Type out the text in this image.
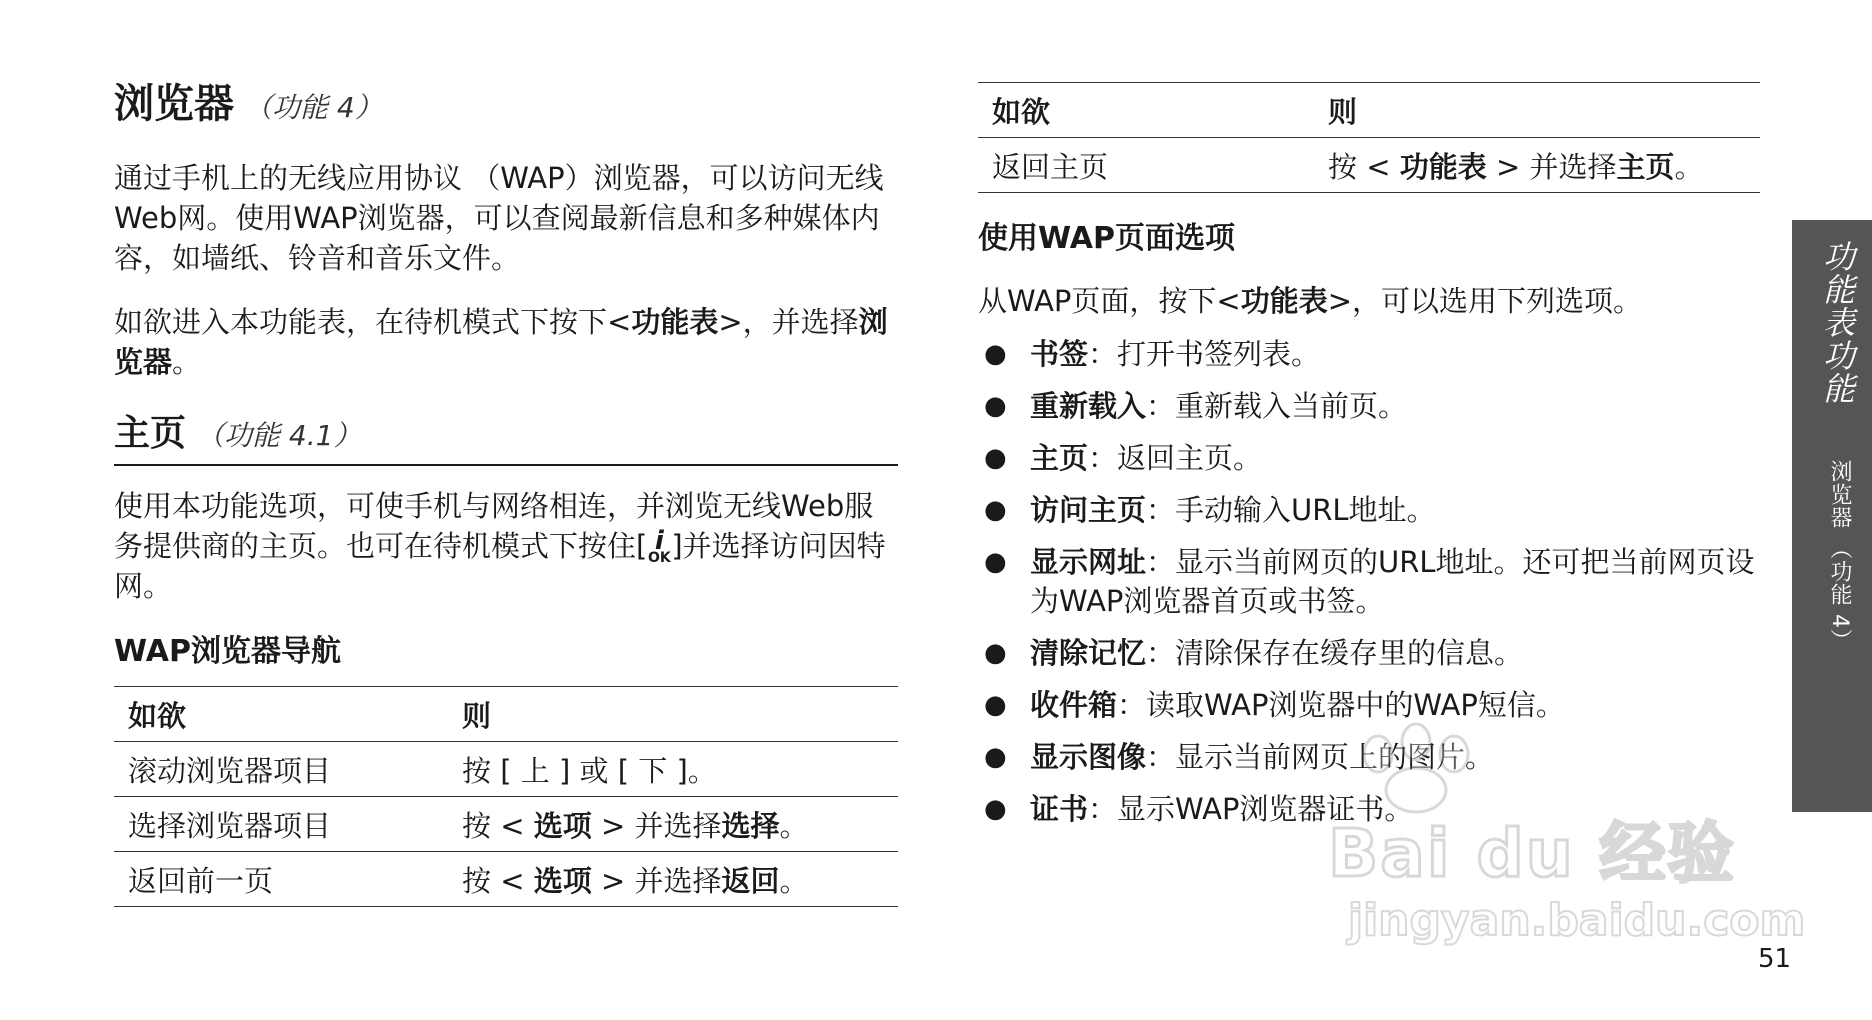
浏览器 （功能 4）

通过手机上的无线应用协议 （WAP）浏览器，可以访问无线Web网。使用WAP浏览器，可以查阅最新信息和多种媒体内容，如墙纸、铃音和音乐文件。

如欲进入本功能表，在待机模式下按下<功能表>，并选择浏览器。

主页 （功能 4.1）

使用本功能选项，可使手机与网络相连，并浏览无线Web服务提供商的主页。也可在待机模式下按住[ i
OK ]并选择访问因特网。

WAP浏览器导航
如欲	则
滚动浏览器项目	按 [ 上 ] 或 [ 下 ]。
选择浏览器项目	按 < 选项 > 并选择选择。
返回前一页	按 < 选项 > 并选择返回。
如欲	则
返回主页	按 < 功能表 > 并选择主页。
使用WAP页面选项

从WAP页面，按下<功能表>，可以选用下列选项。

● 书签：打开书签列表。
● 重新载入：重新载入当前页。
● 主页：返回主页。
● 访问主页：手动输入URL地址。
● 显示网址：显示当前网页的URL地址。还可把当前网页设为WAP浏览器首页或书签。
● 清除记忆：清除保存在缓存里的信息。
● 收件箱：读取WAP浏览器中的WAP短信。
● 显示图像：显示当前网页上的图片。
● 证书：显示WAP浏览器证书。
功能表功能
浏览器 （功能 4）
Bai du 经验
jingyan.baidu.com
51
